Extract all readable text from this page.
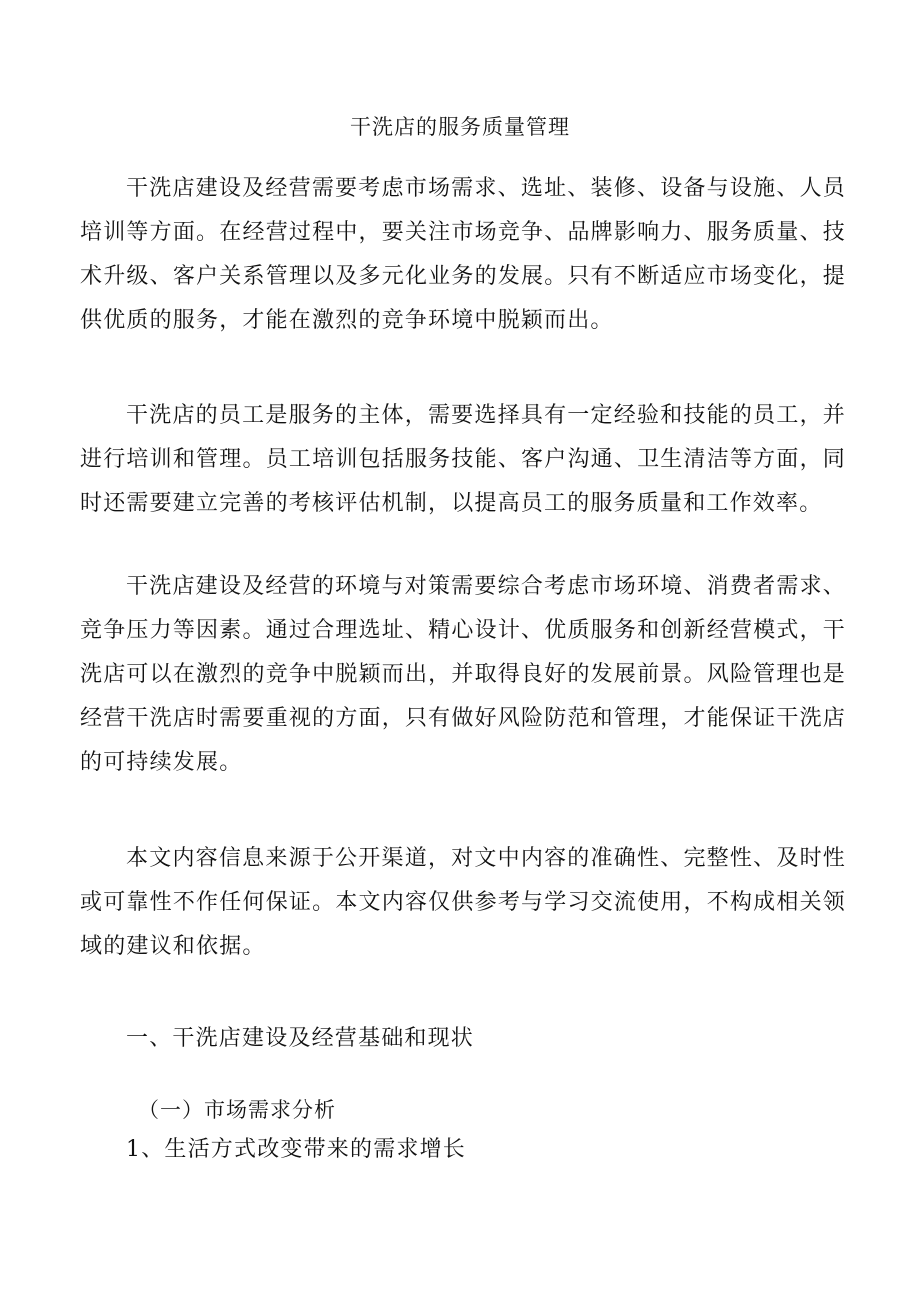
干洗店的服务质量管理

干洗店建设及经营需要考虑市场需求、选址、装修、设备与设施、人员培训等方面。在经营过程中，要关注市场竞争、品牌影响力、服务质量、技术升级、客户关系管理以及多元化业务的发展。只有不断适应市场变化，提供优质的服务，才能在激烈的竞争环境中脱颖而出。

干洗店的员工是服务的主体，需要选择具有一定经验和技能的员工，并进行培训和管理。员工培训包括服务技能、客户沟通、卫生清洁等方面，同时还需要建立完善的考核评估机制，以提高员工的服务质量和工作效率。

干洗店建设及经营的环境与对策需要综合考虑市场环境、消费者需求、竞争压力等因素。通过合理选址、精心设计、优质服务和创新经营模式，干洗店可以在激烈的竞争中脱颖而出，并取得良好的发展前景。风险管理也是经营干洗店时需要重视的方面，只有做好风险防范和管理，才能保证干洗店的可持续发展。

本文内容信息来源于公开渠道，对文中内容的准确性、完整性、及时性或可靠性不作任何保证。本文内容仅供参考与学习交流使用，不构成相关领域的建议和依据。

一、干洗店建设及经营基础和现状
（一）市场需求分析
1、生活方式改变带来的需求增长
